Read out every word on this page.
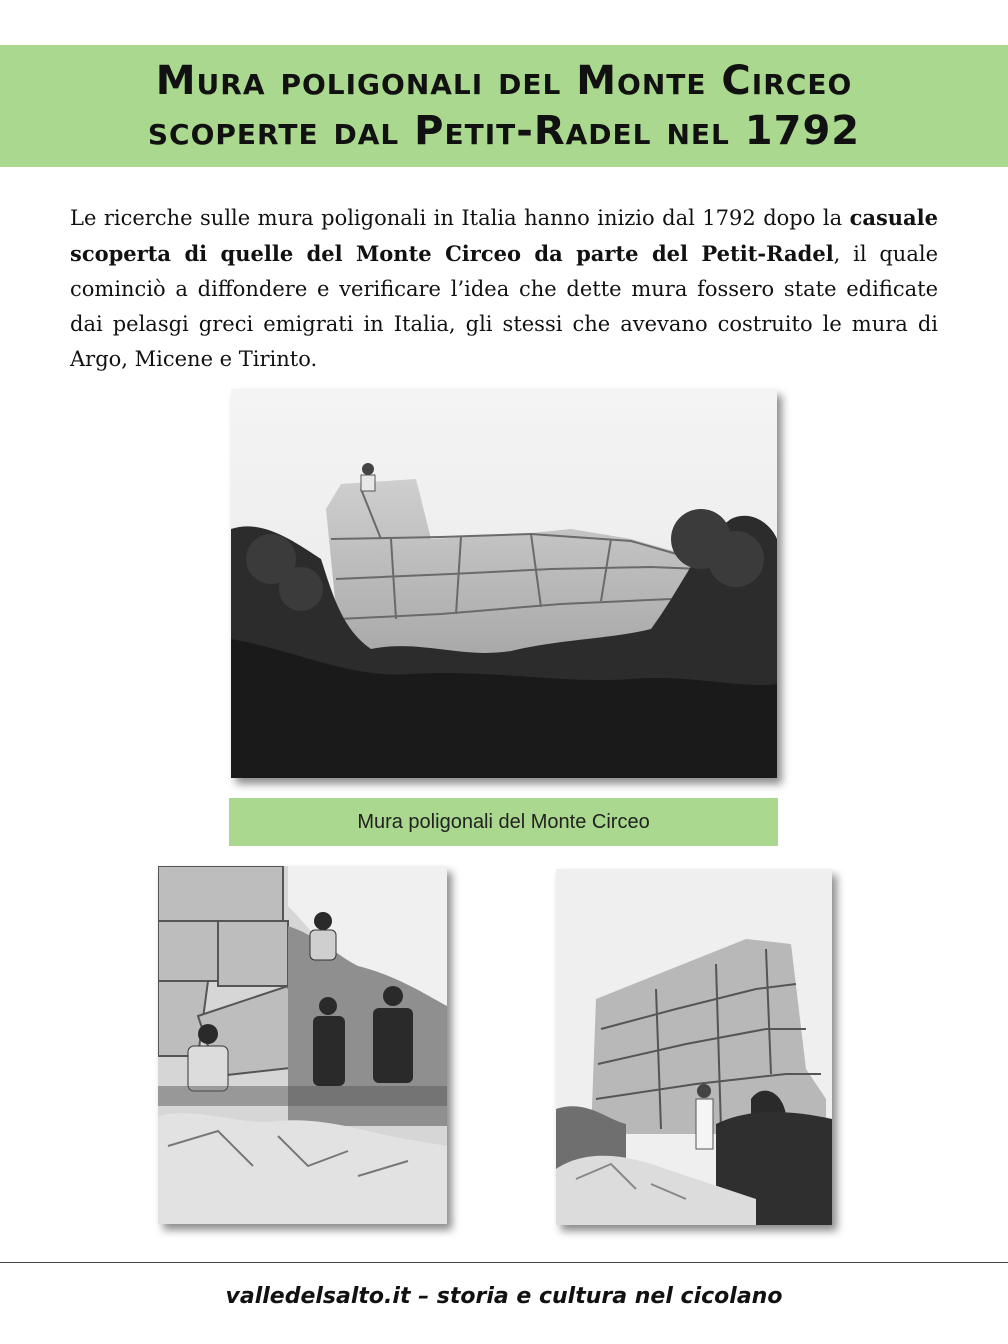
Mura poligonali del Monte Circeo
scoperte dal Petit-Radel nel 1792

Le ricerche sulle mura poligonali in Italia hanno inizio dal 1792 dopo la casuale scoperta di quelle del Monte Circeo da parte del Petit-Radel, il quale cominciò a diffondere e verificare l’idea che dette mura fossero state edificate dai pelasgi greci emigrati in Italia, gli stessi che avevano costruito le mura di Argo, Micene e Tirinto.

Mura poligonali del Monte Circeo
valledelsalto.it – storia e cultura nel cicolano
